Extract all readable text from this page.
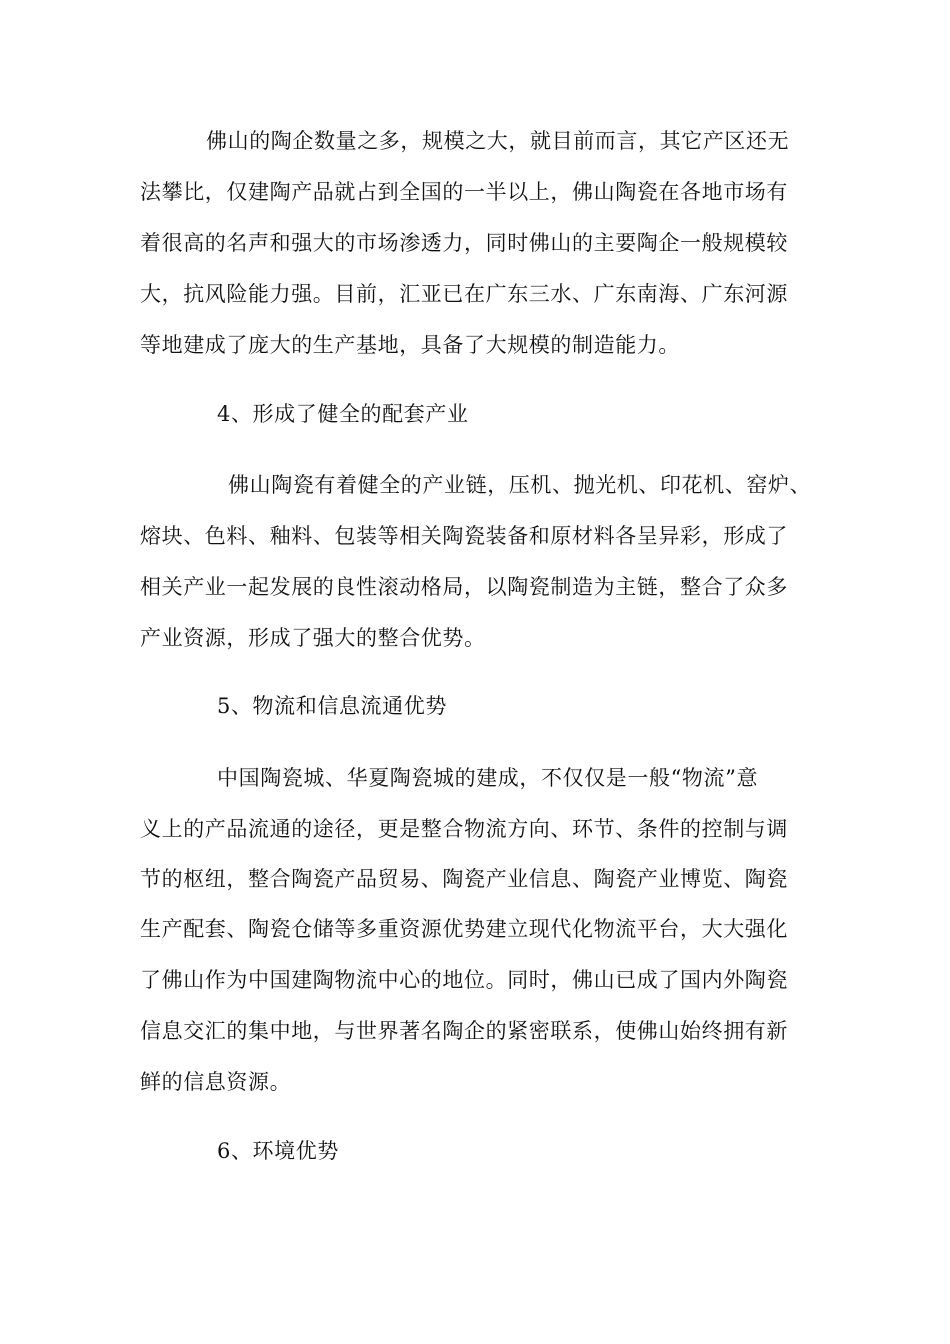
佛山的陶企数量之多，规模之大，就目前而言，其它产区还无
法攀比，仅建陶产品就占到全国的一半以上，佛山陶瓷在各地市场有
着很高的名声和强大的市场渗透力，同时佛山的主要陶企一般规模较
大，抗风险能力强。目前，汇亚已在广东三水、广东南海、广东河源
等地建成了庞大的生产基地，具备了大规模的制造能力。
4、形成了健全的配套产业
佛山陶瓷有着健全的产业链，压机、抛光机、印花机、窑炉、
熔块、色料、釉料、包装等相关陶瓷装备和原材料各呈异彩，形成了
相关产业一起发展的良性滚动格局，以陶瓷制造为主链，整合了众多
产业资源，形成了强大的整合优势。
5、物流和信息流通优势
中国陶瓷城、华夏陶瓷城的建成，不仅仅是一般“物流”意
义上的产品流通的途径，更是整合物流方向、环节、条件的控制与调
节的枢纽，整合陶瓷产品贸易、陶瓷产业信息、陶瓷产业博览、陶瓷
生产配套、陶瓷仓储等多重资源优势建立现代化物流平台，大大强化
了佛山作为中国建陶物流中心的地位。同时，佛山已成了国内外陶瓷
信息交汇的集中地，与世界著名陶企的紧密联系，使佛山始终拥有新
鲜的信息资源。
6、环境优势
